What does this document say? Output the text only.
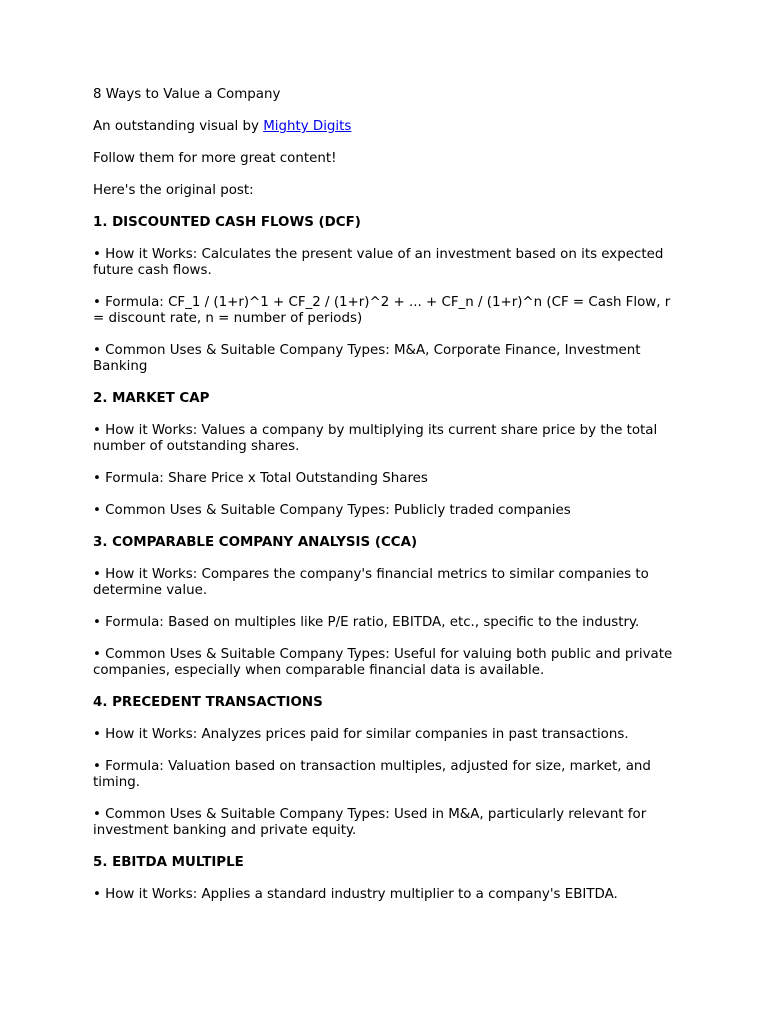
8 Ways to Value a Company

An outstanding visual by Mighty Digits

Follow them for more great content!

Here's the original post:

1. DISCOUNTED CASH FLOWS (DCF)

• How it Works: Calculates the present value of an investment based on its expected future cash flows.

• Formula: CF_1 / (1+r)^1 + CF_2 / (1+r)^2 + ... + CF_n / (1+r)^n (CF = Cash Flow, r = discount rate, n = number of periods)

• Common Uses & Suitable Company Types: M&A, Corporate Finance, Investment Banking

2. MARKET CAP

• How it Works: Values a company by multiplying its current share price by the total number of outstanding shares.

• Formula: Share Price x Total Outstanding Shares

• Common Uses & Suitable Company Types: Publicly traded companies

3. COMPARABLE COMPANY ANALYSIS (CCA)

• How it Works: Compares the company's financial metrics to similar companies to determine value.

• Formula: Based on multiples like P/E ratio, EBITDA, etc., specific to the industry.

• Common Uses & Suitable Company Types: Useful for valuing both public and private companies, especially when comparable financial data is available.

4. PRECEDENT TRANSACTIONS

• How it Works: Analyzes prices paid for similar companies in past transactions.

• Formula: Valuation based on transaction multiples, adjusted for size, market, and timing.

• Common Uses & Suitable Company Types: Used in M&A, particularly relevant for investment banking and private equity.

5. EBITDA MULTIPLE

• How it Works: Applies a standard industry multiplier to a company's EBITDA.
